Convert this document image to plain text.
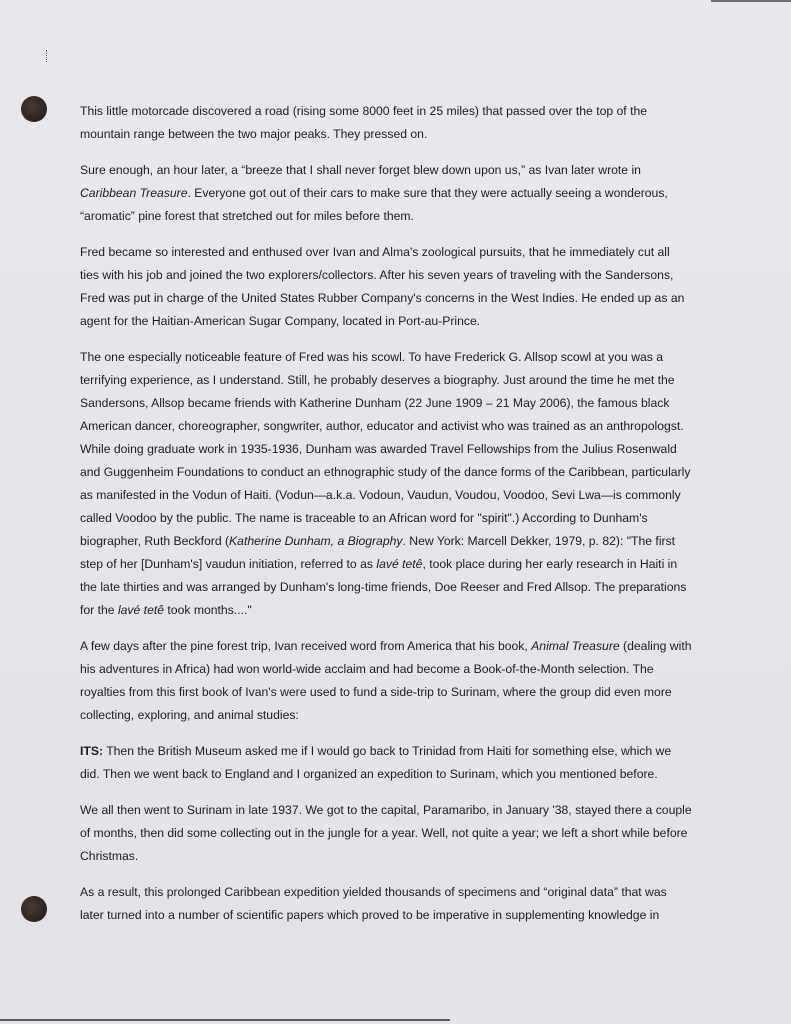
This little motorcade discovered a road (rising some 8000 feet in 25 miles) that passed over the top of the mountain range between the two major peaks. They pressed on.

Sure enough, an hour later, a “breeze that I shall never forget blew down upon us,” as Ivan later wrote in Caribbean Treasure. Everyone got out of their cars to make sure that they were actually seeing a wonderous, “aromatic” pine forest that stretched out for miles before them.

Fred became so interested and enthused over Ivan and Alma's zoological pursuits, that he immediately cut all ties with his job and joined the two explorers/collectors. After his seven years of traveling with the Sandersons, Fred was put in charge of the United States Rubber Company's concerns in the West Indies. He ended up as an agent for the Haitian-American Sugar Company, located in Port-au-Prince.

The one especially noticeable feature of Fred was his scowl. To have Frederick G. Allsop scowl at you was a terrifying experience, as I understand. Still, he probably deserves a biography. Just around the time he met the Sandersons, Allsop became friends with Katherine Dunham (22 June 1909 – 21 May 2006), the famous black American dancer, choreographer, songwriter, author, educator and activist who was trained as an anthropologst. While doing graduate work in 1935-1936, Dunham was awarded Travel Fellowships from the Julius Rosenwald and Guggenheim Foundations to conduct an ethnographic study of the dance forms of the Caribbean, particularly as manifested in the Vodun of Haiti. (Vodun—a.k.a. Vodoun, Vaudun, Voudou, Voodoo, Sevi Lwa—is commonly called Voodoo by the public. The name is traceable to an African word for "spirit".) According to Dunham's biographer, Ruth Beckford (Katherine Dunham, a Biography. New York: Marcell Dekker, 1979, p. 82): "The first step of her [Dunham's] vaudun initiation, referred to as lavé tetê, took place during her early research in Haiti in the late thirties and was arranged by Dunham's long-time friends, Doe Reeser and Fred Allsop. The preparations for the lavé tetê took months...."

A few days after the pine forest trip, Ivan received word from America that his book, Animal Treasure (dealing with his adventures in Africa) had won world-wide acclaim and had become a Book-of-the-Month selection. The royalties from this first book of Ivan's were used to fund a side-trip to Surinam, where the group did even more collecting, exploring, and animal studies:

ITS: Then the British Museum asked me if I would go back to Trinidad from Haiti for something else, which we did. Then we went back to England and I organized an expedition to Surinam, which you mentioned before.

We all then went to Surinam in late 1937. We got to the capital, Paramaribo, in January '38, stayed there a couple of months, then did some collecting out in the jungle for a year. Well, not quite a year; we left a short while before Christmas.

As a result, this prolonged Caribbean expedition yielded thousands of specimens and “original data” that was later turned into a number of scientific papers which proved to be imperative in supplementing knowledge in
